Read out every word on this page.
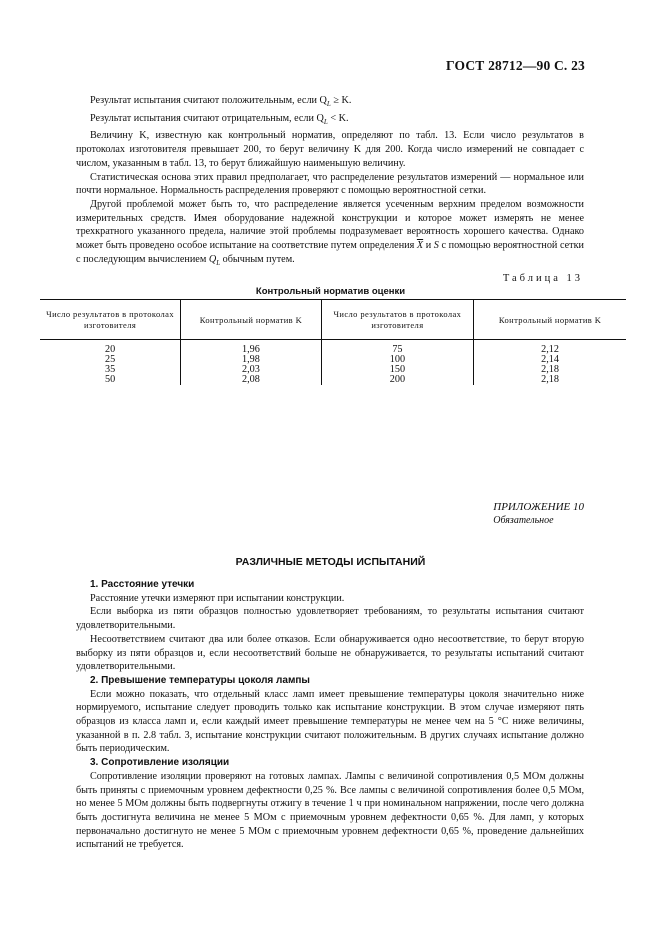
ГОСТ 28712—90 С. 23

Результат испытания считают положительным, если $Q_L \ge K$.

Результат испытания считают отрицательным, если $Q_L < K$.

Величину K, известную как контрольный норматив, определяют по табл. 13. Если число результатов в протоколах изготовителя превышает 200, то берут величину K для 200. Когда число измерений не совпадает с числом, указанным в табл. 13, то берут ближайшую наименьшую величину.

Статистическая основа этих правил предполагает, что распределение результатов измерений — нормальное или почти нормальное. Нормальность распределения проверяют с помощью вероятностной сетки.

Другой проблемой может быть то, что распределение является усеченным верхним пределом возможности измерительных средств. Имея оборудование надежной конструкции и которое может измерять не менее трехкратного указанного предела, наличие этой проблемы подразумевает вероятность хорошего качества. Однако может быть проведено особое испытание на соответствие путем определения $\overline{X}$ и S с помощью вероятностной сетки с последующим вычислением $Q_L$ обычным путем.

Таблица 13
Контрольный норматив оценки
Число результатов в протоколах изготовителя	Контрольный норматив K	Число результатов в протоколах изготовителя	Контрольный норматив K
20	1,96	75	2,12
25	1,98	100	2,14
35	2,03	150	2,18
50	2,08	200	2,18
ПРИЛОЖЕНИЕ 10
Обязательное
РАЗЛИЧНЫЕ МЕТОДЫ ИСПЫТАНИЙ

1. Расстояние утечки

Расстояние утечки измеряют при испытании конструкции.

Если выборка из пяти образцов полностью удовлетворяет требованиям, то результаты испытания считают удовлетворительными.

Несоответствием считают два или более отказов. Если обнаруживается одно несоответствие, то берут вторую выборку из пяти образцов и, если несоответствий больше не обнаруживается, то результаты испытаний считают удовлетворительными.

2. Превышение температуры цоколя лампы

Если можно показать, что отдельный класс ламп имеет превышение температуры цоколя значительно ниже нормируемого, испытание следует проводить только как испытание конструкции. В этом случае измеряют пять образцов из класса ламп и, если каждый имеет превышение температуры не менее чем на 5 °С ниже величины, указанной в п. 2.8 табл. 3, испытание конструкции считают положительным. В других случаях испытание должно быть периодическим.

3. Сопротивление изоляции

Сопротивление изоляции проверяют на готовых лампах. Лампы с величиной сопротивления 0,5 МОм должны быть приняты с приемочным уровнем дефектности 0,25 %. Все лампы с величиной сопротивления более 0,5 МОм, но менее 5 МОм должны быть подвергнуты отжигу в течение 1 ч при номинальном напряжении, после чего должна быть достигнута величина не менее 5 МОм с приемочным уровнем дефектности 0,65 %. Для ламп, у которых первоначально достигнуто не менее 5 МОм с приемочным уровнем дефектности 0,65 %, проведение дальнейших испытаний не требуется.
